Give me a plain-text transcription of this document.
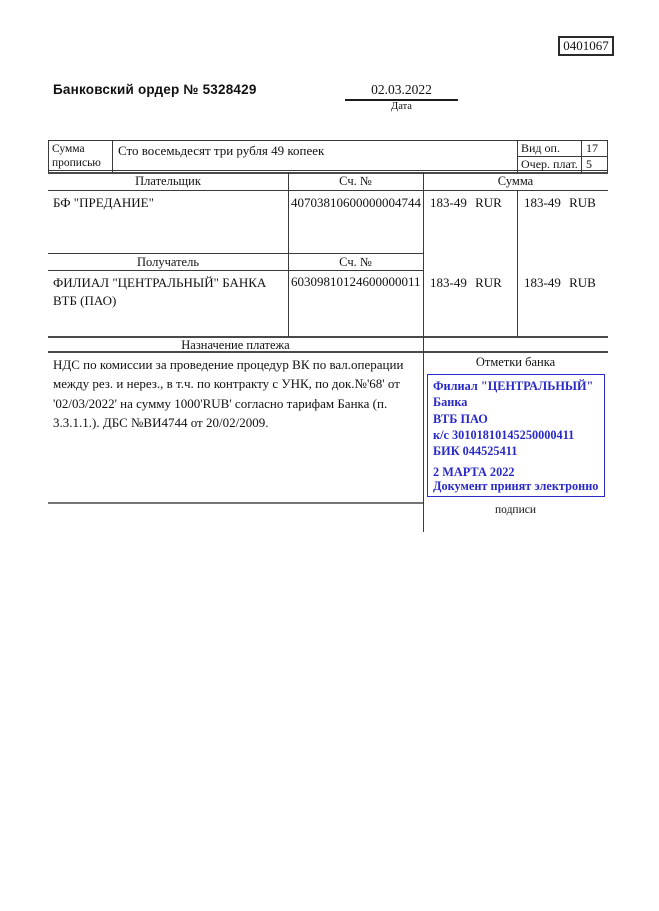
0401067
Банковский ордер № 5328429	02.03.2022
Дата
Сумма прописью
Сто восемьдесят три рубля 49 копеек	Вид оп. 17
Очер. плат. 5
Плательщик	Сч. №	Сумма
БФ "ПРЕДАНИЕ"	40703810600000004744 183-49 RUR 183-49 RUB
Получатель	Сч. №
ФИЛИАЛ "ЦЕНТРАЛЬНЫЙ" БАНКА ВТБ (ПАО)
60309810124600000011 183-49 RUR 183-49 RUB
Назначение платежа
НДС по комиссии за проведение процедур ВК по вал.операции
между рез. и нерез., в т.ч. по контракту с УНК, по док.№'68' от
'02/03/2022' на сумму 1000'RUB' согласно тарифам Банка (п.
3.3.1.1.). ДБС №ВИ4744 от 20/02/2009.
Отметки банка
Филиал "ЦЕНТРАЛЬНЫЙ" Банка
ВТБ ПАО
к/с 30101810145250000411
БИК 044525411
2 МАРТА 2022
Документ принят электронно
подписи
